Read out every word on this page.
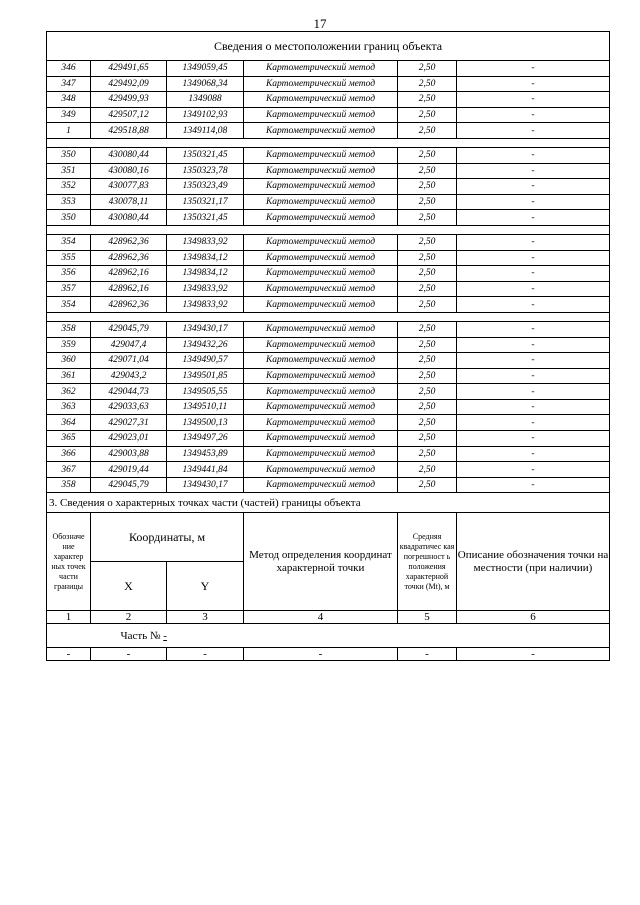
17
Сведения о местоположении границ объекта					
346	429491,65	1349059,45	Картометрический метод	2,50	-
347	429492,09	1349068,34	Картометрический метод	2,50	-
348	429499,93	1349088	Картометрический метод	2,50	-
349	429507,12	1349102,93	Картометрический метод	2,50	-
1	429518,88	1349114,08	Картометрический метод	2,50	-

350	430080,44	1350321,45	Картометрический метод	2,50	-
351	430080,16	1350323,78	Картометрический метод	2,50	-
352	430077,83	1350323,49	Картометрический метод	2,50	-
353	430078,11	1350321,17	Картометрический метод	2,50	-
350	430080,44	1350321,45	Картометрический метод	2,50	-

354	428962,36	1349833,92	Картометрический метод	2,50	-
355	428962,36	1349834,12	Картометрический метод	2,50	-
356	428962,16	1349834,12	Картометрический метод	2,50	-
357	428962,16	1349833,92	Картометрический метод	2,50	-
354	428962,36	1349833,92	Картометрический метод	2,50	-

358	429045,79	1349430,17	Картометрический метод	2,50	-
359	429047,4	1349432,26	Картометрический метод	2,50	-
360	429071,04	1349490,57	Картометрический метод	2,50	-
361	429043,2	1349501,85	Картометрический метод	2,50	-
362	429044,73	1349505,55	Картометрический метод	2,50	-
363	429033,63	1349510,11	Картометрический метод	2,50	-
364	429027,31	1349500,13	Картометрический метод	2,50	-
365	429023,01	1349497,26	Картометрический метод	2,50	-
366	429003,88	1349453,89	Картометрический метод	2,50	-
367	429019,44	1349441,84	Картометрический метод	2,50	-
358	429045,79	1349430,17	Картометрический метод	2,50	-
3. Сведения о характерных точках части (частей) границы объекта					
Обозначе ние характер ных точек части границы	Координаты, м		Метод определения координат характерной точки	Средняя квадратичес кая погрешност ь положения характерной точки (Mt), м	Описание обозначения точки на местности (при наличии)
	X	Y			
1	2	3	4	5	6
	Часть № -				
-	-	-	-	-	-
